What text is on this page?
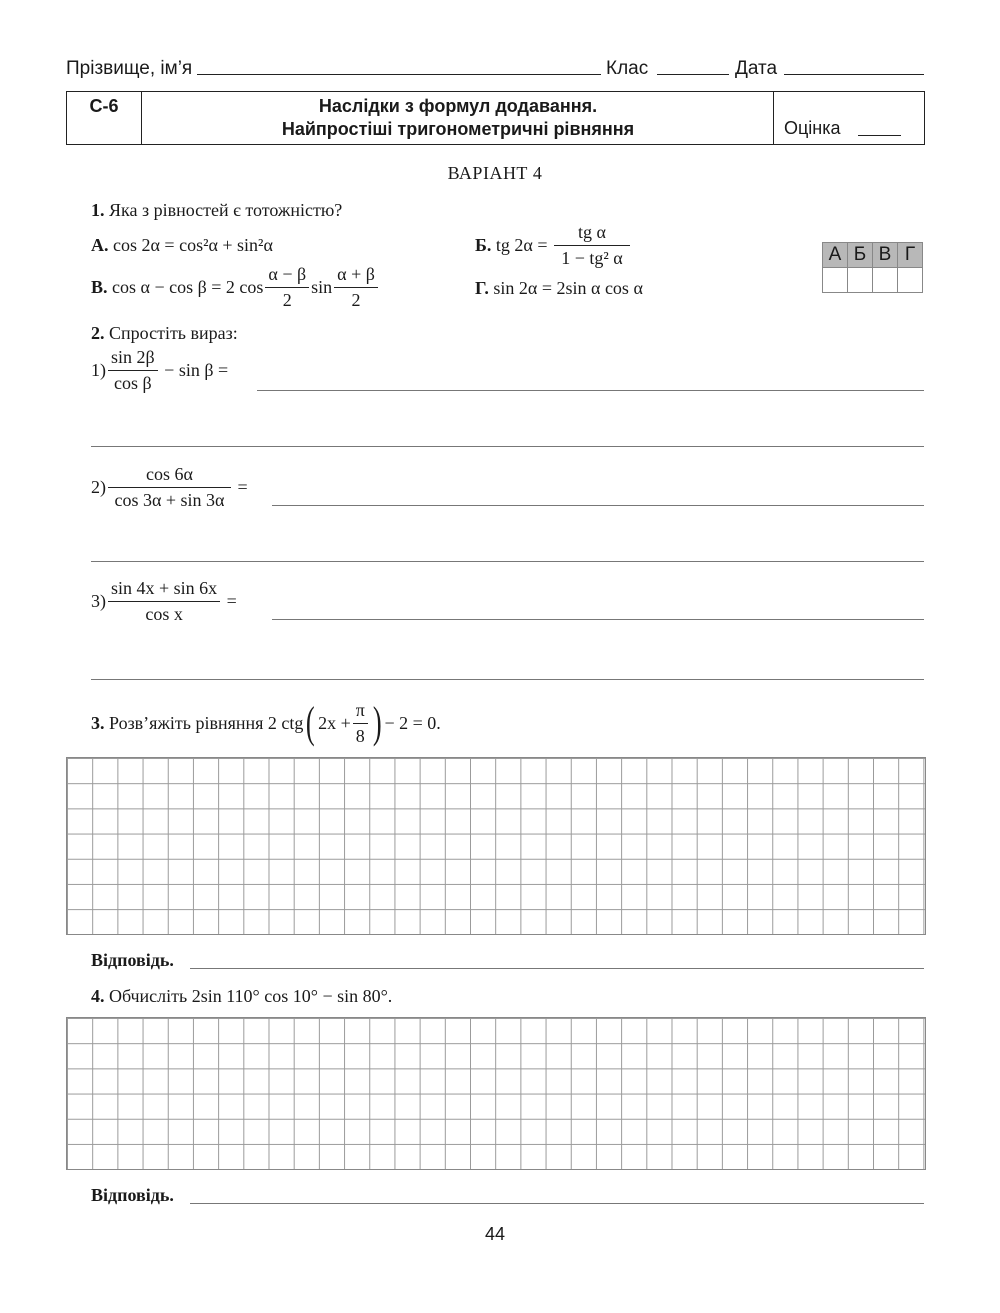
Прізвище, ім’я	Клас	Дата
С-6	Наслідки з формул додавання.
Найпростіші тригонометричні рівняння	Оцінка
ВАРІАНТ 4
1. Яка з рівностей є тотожністю?
А. cos 2α = cos²α + sin²α	Б.
tg 2α =
$\frac{\text{tg α}}{\text{1 − tg² α}}$
В.
cos α − cos β = 2 $\cos \frac{\alpha - \beta}{2}$ $\sin \frac{\alpha + \beta}{2}$	Г. sin 2α = 2sin α cos α
А	Б	В	Г

2. Спростіть вираз:
$1) \frac{\sin 2\beta}{\text{cos β}}$
− sin β =
$2) \frac{\cos 6\alpha}{\cos 3\alpha + \sin 3\alpha}$
=
$3) \frac{\sin 4x + \sin 6x}{\text{cos x}}$
=
3.
Розв’яжіть рівняння
2 ctg ( $2x + \frac{\pi}{8}$ ) − 2 = 0.
Відповідь.
4. Обчисліть 2sin 110° cos 10° − sin 80°.
Відповідь.
44
